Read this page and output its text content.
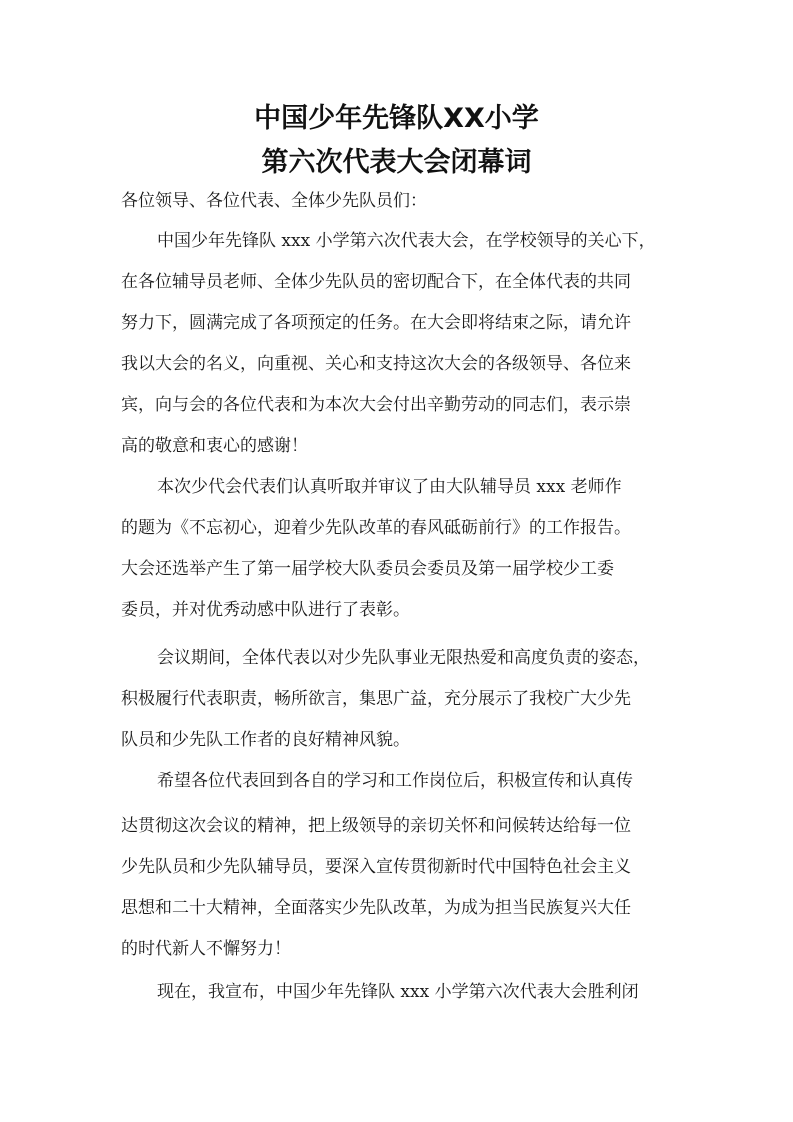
中国少年先锋队XX小学
第六次代表大会闭幕词
各位领导、各位代表、全体少先队员们：
中国少年先锋队 xxx 小学第六次代表大会，在学校领导的关心下，
在各位辅导员老师、全体少先队员的密切配合下，在全体代表的共同
努力下，圆满完成了各项预定的任务。在大会即将结束之际，请允许
我以大会的名义，向重视、关心和支持这次大会的各级领导、各位来
宾，向与会的各位代表和为本次大会付出辛勤劳动的同志们，表示崇
高的敬意和衷心的感谢！
本次少代会代表们认真听取并审议了由大队辅导员 xxx 老师作
的题为《不忘初心，迎着少先队改革的春风砥砺前行》的工作报告。
大会还选举产生了第一届学校大队委员会委员及第一届学校少工委
委员，并对优秀动感中队进行了表彰。
会议期间，全体代表以对少先队事业无限热爱和高度负责的姿态，
积极履行代表职责，畅所欲言，集思广益，充分展示了我校广大少先
队员和少先队工作者的良好精神风貌。
希望各位代表回到各自的学习和工作岗位后，积极宣传和认真传
达贯彻这次会议的精神，把上级领导的亲切关怀和问候转达给每一位
少先队员和少先队辅导员，要深入宣传贯彻新时代中国特色社会主义
思想和二十大精神，全面落实少先队改革，为成为担当民族复兴大任
的时代新人不懈努力！
现在，我宣布，中国少年先锋队 xxx 小学第六次代表大会胜利闭
